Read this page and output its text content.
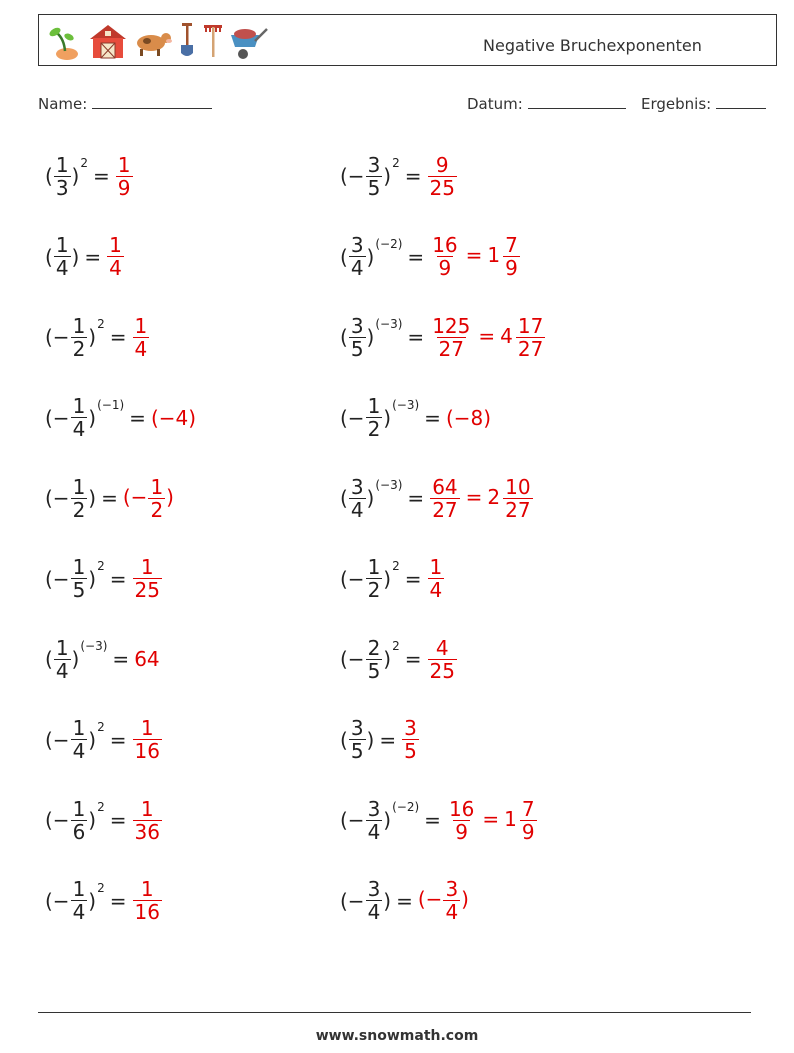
Negative Bruchexponenten
Name:	Datum:	Ergebnis:
( $\frac{1}{3}$ )
2
= $\frac{1}{9}$	(− $\frac{3}{5}$ )
2
= $\frac{9}{25}$
( $\frac{1}{4}$ ) = $\frac{1}{4}$	( $\frac{3}{4}$ )
(−2)
= $\frac{16}{9} = 1 \frac{7}{9}$
(− $\frac{1}{2}$ )
2
= $\frac{1}{4}$	( $\frac{3}{5}$ )
(−3)
= $\frac{125}{27} = 4 \frac{17}{27}$
(− $\frac{1}{4}$ )
(−1)
= (−4)	(− $\frac{1}{2}$ )
(−3)
= (−8)
(− $\frac{1}{2}$ ) = (− $\frac{1}{2}$ )	( $\frac{3}{4}$ )
(−3)
= $\frac{64}{27} = 2 \frac{10}{27}$
(− $\frac{1}{5}$ )
2
= $\frac{1}{25}$	(− $\frac{1}{2}$ )
2
= $\frac{1}{4}$
( $\frac{1}{4}$ )
(−3)
= 64	(− $\frac{2}{5}$ )
2
= $\frac{4}{25}$
(− $\frac{1}{4}$ )
2
= $\frac{1}{16}$	( $\frac{3}{5}$ ) = $\frac{3}{5}$
(− $\frac{1}{6}$ )
2
= $\frac{1}{36}$	(− $\frac{3}{4}$ )
(−2)
= $\frac{16}{9} = 1 \frac{7}{9}$
(− $\frac{1}{4}$ )
2
= $\frac{1}{16}$	(− $\frac{3}{4}$ ) = (− $\frac{3}{4}$ )
www.snowmath.com
